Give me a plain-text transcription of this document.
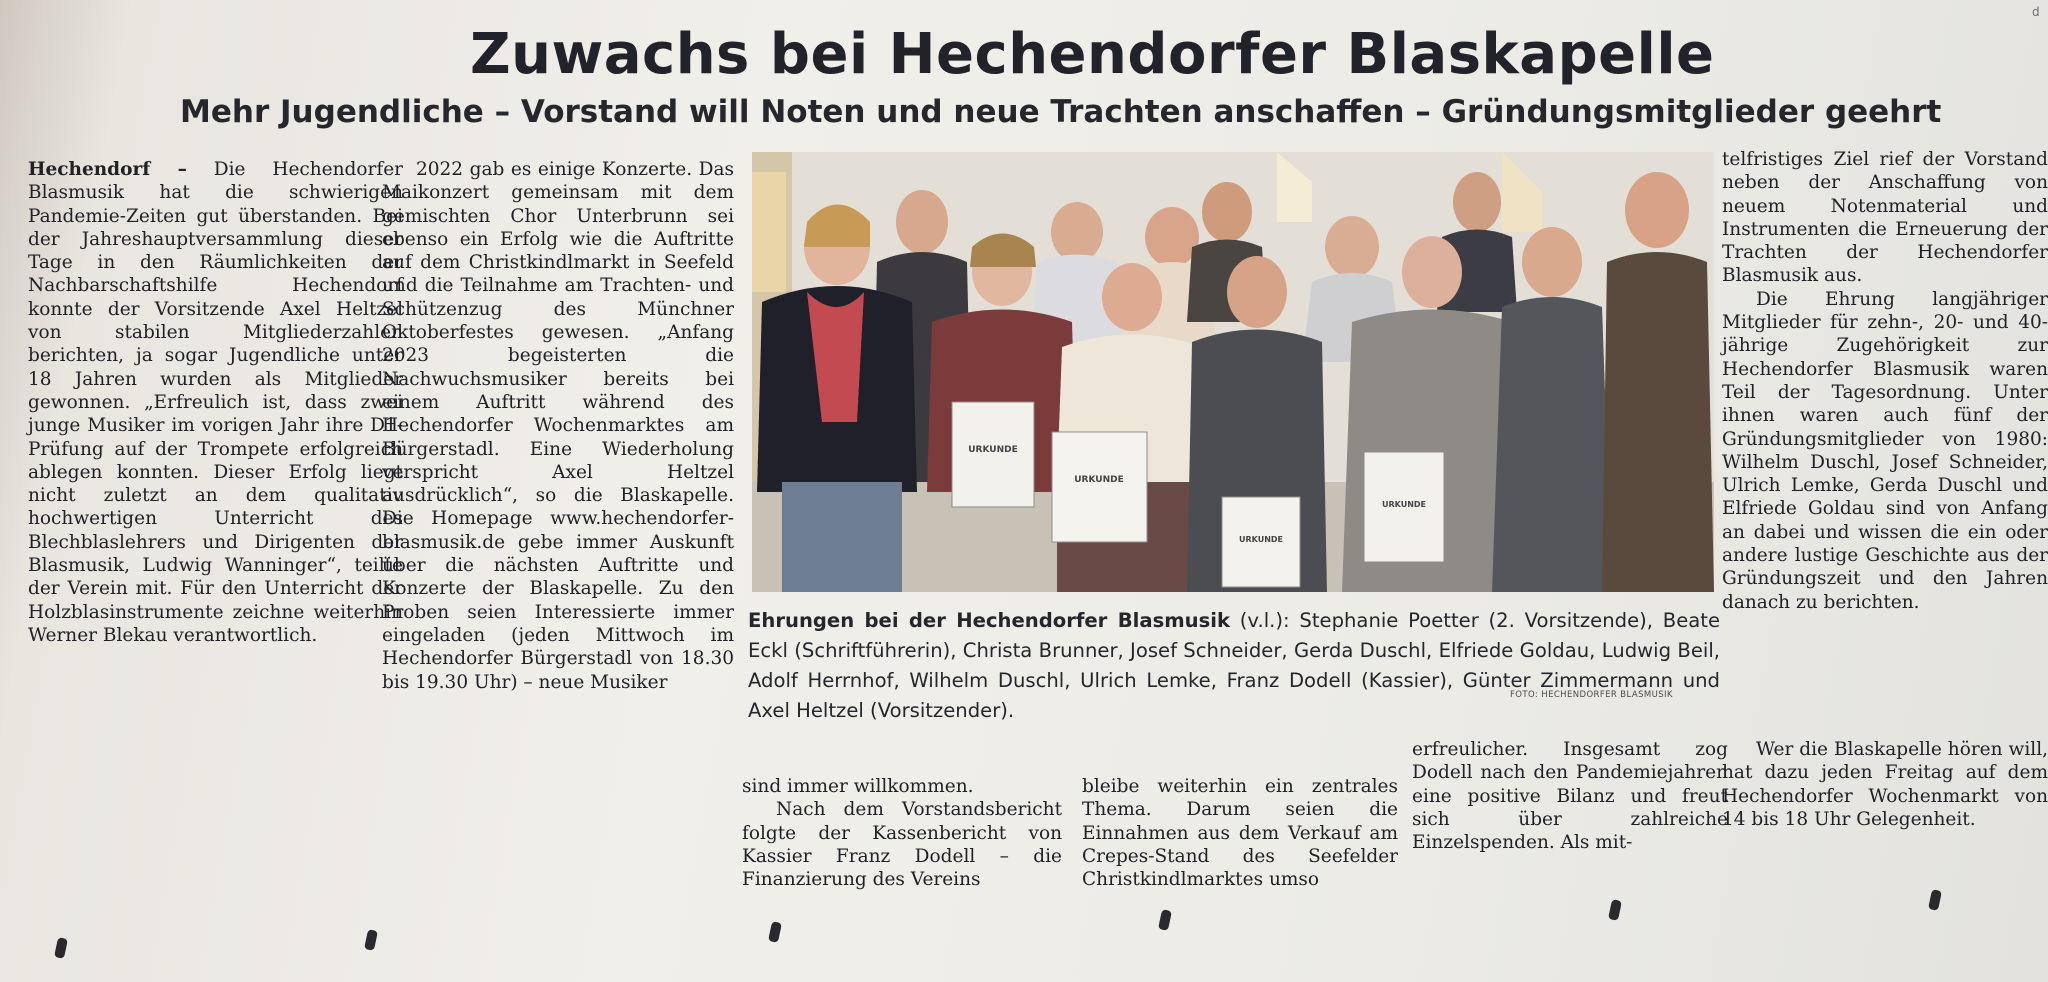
d
Zuwachs bei Hechendorfer Blaskapelle
Mehr Jugendliche – Vorstand will Noten und neue Trachten anschaffen – Gründungsmitglieder geehrt

Hechendorf – Die Hechendorfer Blasmusik hat die schwierigen Pandemie-Zeiten gut überstanden. Bei der Jahreshauptversammlung dieser Tage in den Räumlichkeiten der Nachbarschaftshilfe Hechendorf konnte der Vorsitzende Axel Heltzel von stabilen Mitgliederzahlen berichten, ja sogar Jugendliche unter 18 Jahren wurden als Mitglieder gewonnen. „Erfreulich ist, dass zwei junge Musiker im vorigen Jahr ihre D1-Prüfung auf der Trompete erfolgreich ablegen konnten. Dieser Erfolg liegt nicht zuletzt an dem qualitativ hochwertigen Unterricht des Blechblaslehrers und Dirigenten der Blasmusik, Ludwig Wanninger“, teilte der Verein mit. Für den Unterricht der Holzblasinstrumente zeichne weiterhin Werner Blekau verantwortlich.

2022 gab es einige Konzerte. Das Maikonzert gemeinsam mit dem gemischten Chor Unterbrunn sei ebenso ein Erfolg wie die Auftritte auf dem Christkindlmarkt in Seefeld und die Teilnahme am Trachten- und Schützenzug des Münchner Oktoberfestes gewesen. „Anfang 2023 begeisterten die Nachwuchsmusiker bereits bei einem Auftritt während des Hechendorfer Wochenmarktes am Bürgerstadl. Eine Wiederholung verspricht Axel Heltzel ausdrücklich“, so die Blaskapelle. Die Homepage www.hechendorfer-blasmusik.de gebe immer Auskunft über die nächsten Auftritte und Konzerte der Blaskapelle. Zu den Proben seien Interessierte immer eingeladen (jeden Mittwoch im Hechendorfer Bürgerstadl von 18.30 bis 19.30 Uhr) – neue Musiker

URKUNDE
URKUNDE
URKUNDE
URKUNDE
Ehrungen bei der Hechendorfer Blasmusik (v.l.): Stephanie Poetter (2. Vorsitzende), Beate Eckl (Schriftführerin), Christa Brunner, Josef Schneider, Gerda Duschl, Elfriede Goldau, Ludwig Beil, Adolf Herrnhof, Wilhelm Duschl, Ulrich Lemke, Franz Dodell (Kassier), Günter Zimmermann und Axel Heltzel (Vorsitzender).
FOTO: HECHENDORFER BLASMUSIK

sind immer willkommen.

Nach dem Vorstandsbericht folgte der Kassenbericht von Kassier Franz Dodell – die Finanzierung des Vereins

bleibe weiterhin ein zentrales Thema. Darum seien die Einnahmen aus dem Verkauf am Crepes-Stand des Seefelder Christkindlmarktes umso

erfreulicher. Insgesamt zog Dodell nach den Pandemiejahren eine positive Bilanz und freut sich über zahlreiche Einzelspenden. Als mit-

telfristiges Ziel rief der Vorstand neben der Anschaffung von neuem Notenmaterial und Instrumenten die Erneuerung der Trachten der Hechendorfer Blasmusik aus.

Die Ehrung langjähriger Mitglieder für zehn-, 20- und 40-jährige Zugehörigkeit zur Hechendorfer Blasmusik waren Teil der Tagesordnung. Unter ihnen waren auch fünf der Gründungsmitglieder von 1980: Wilhelm Duschl, Josef Schneider, Ulrich Lemke, Gerda Duschl und Elfriede Goldau sind von Anfang an dabei und wissen die ein oder andere lustige Geschichte aus der Gründungszeit und den Jahren danach zu berichten.

Wer die Blaskapelle hören will, hat dazu jeden Freitag auf dem Hechendorfer Wochenmarkt von 14 bis 18 Uhr Gelegenheit.
